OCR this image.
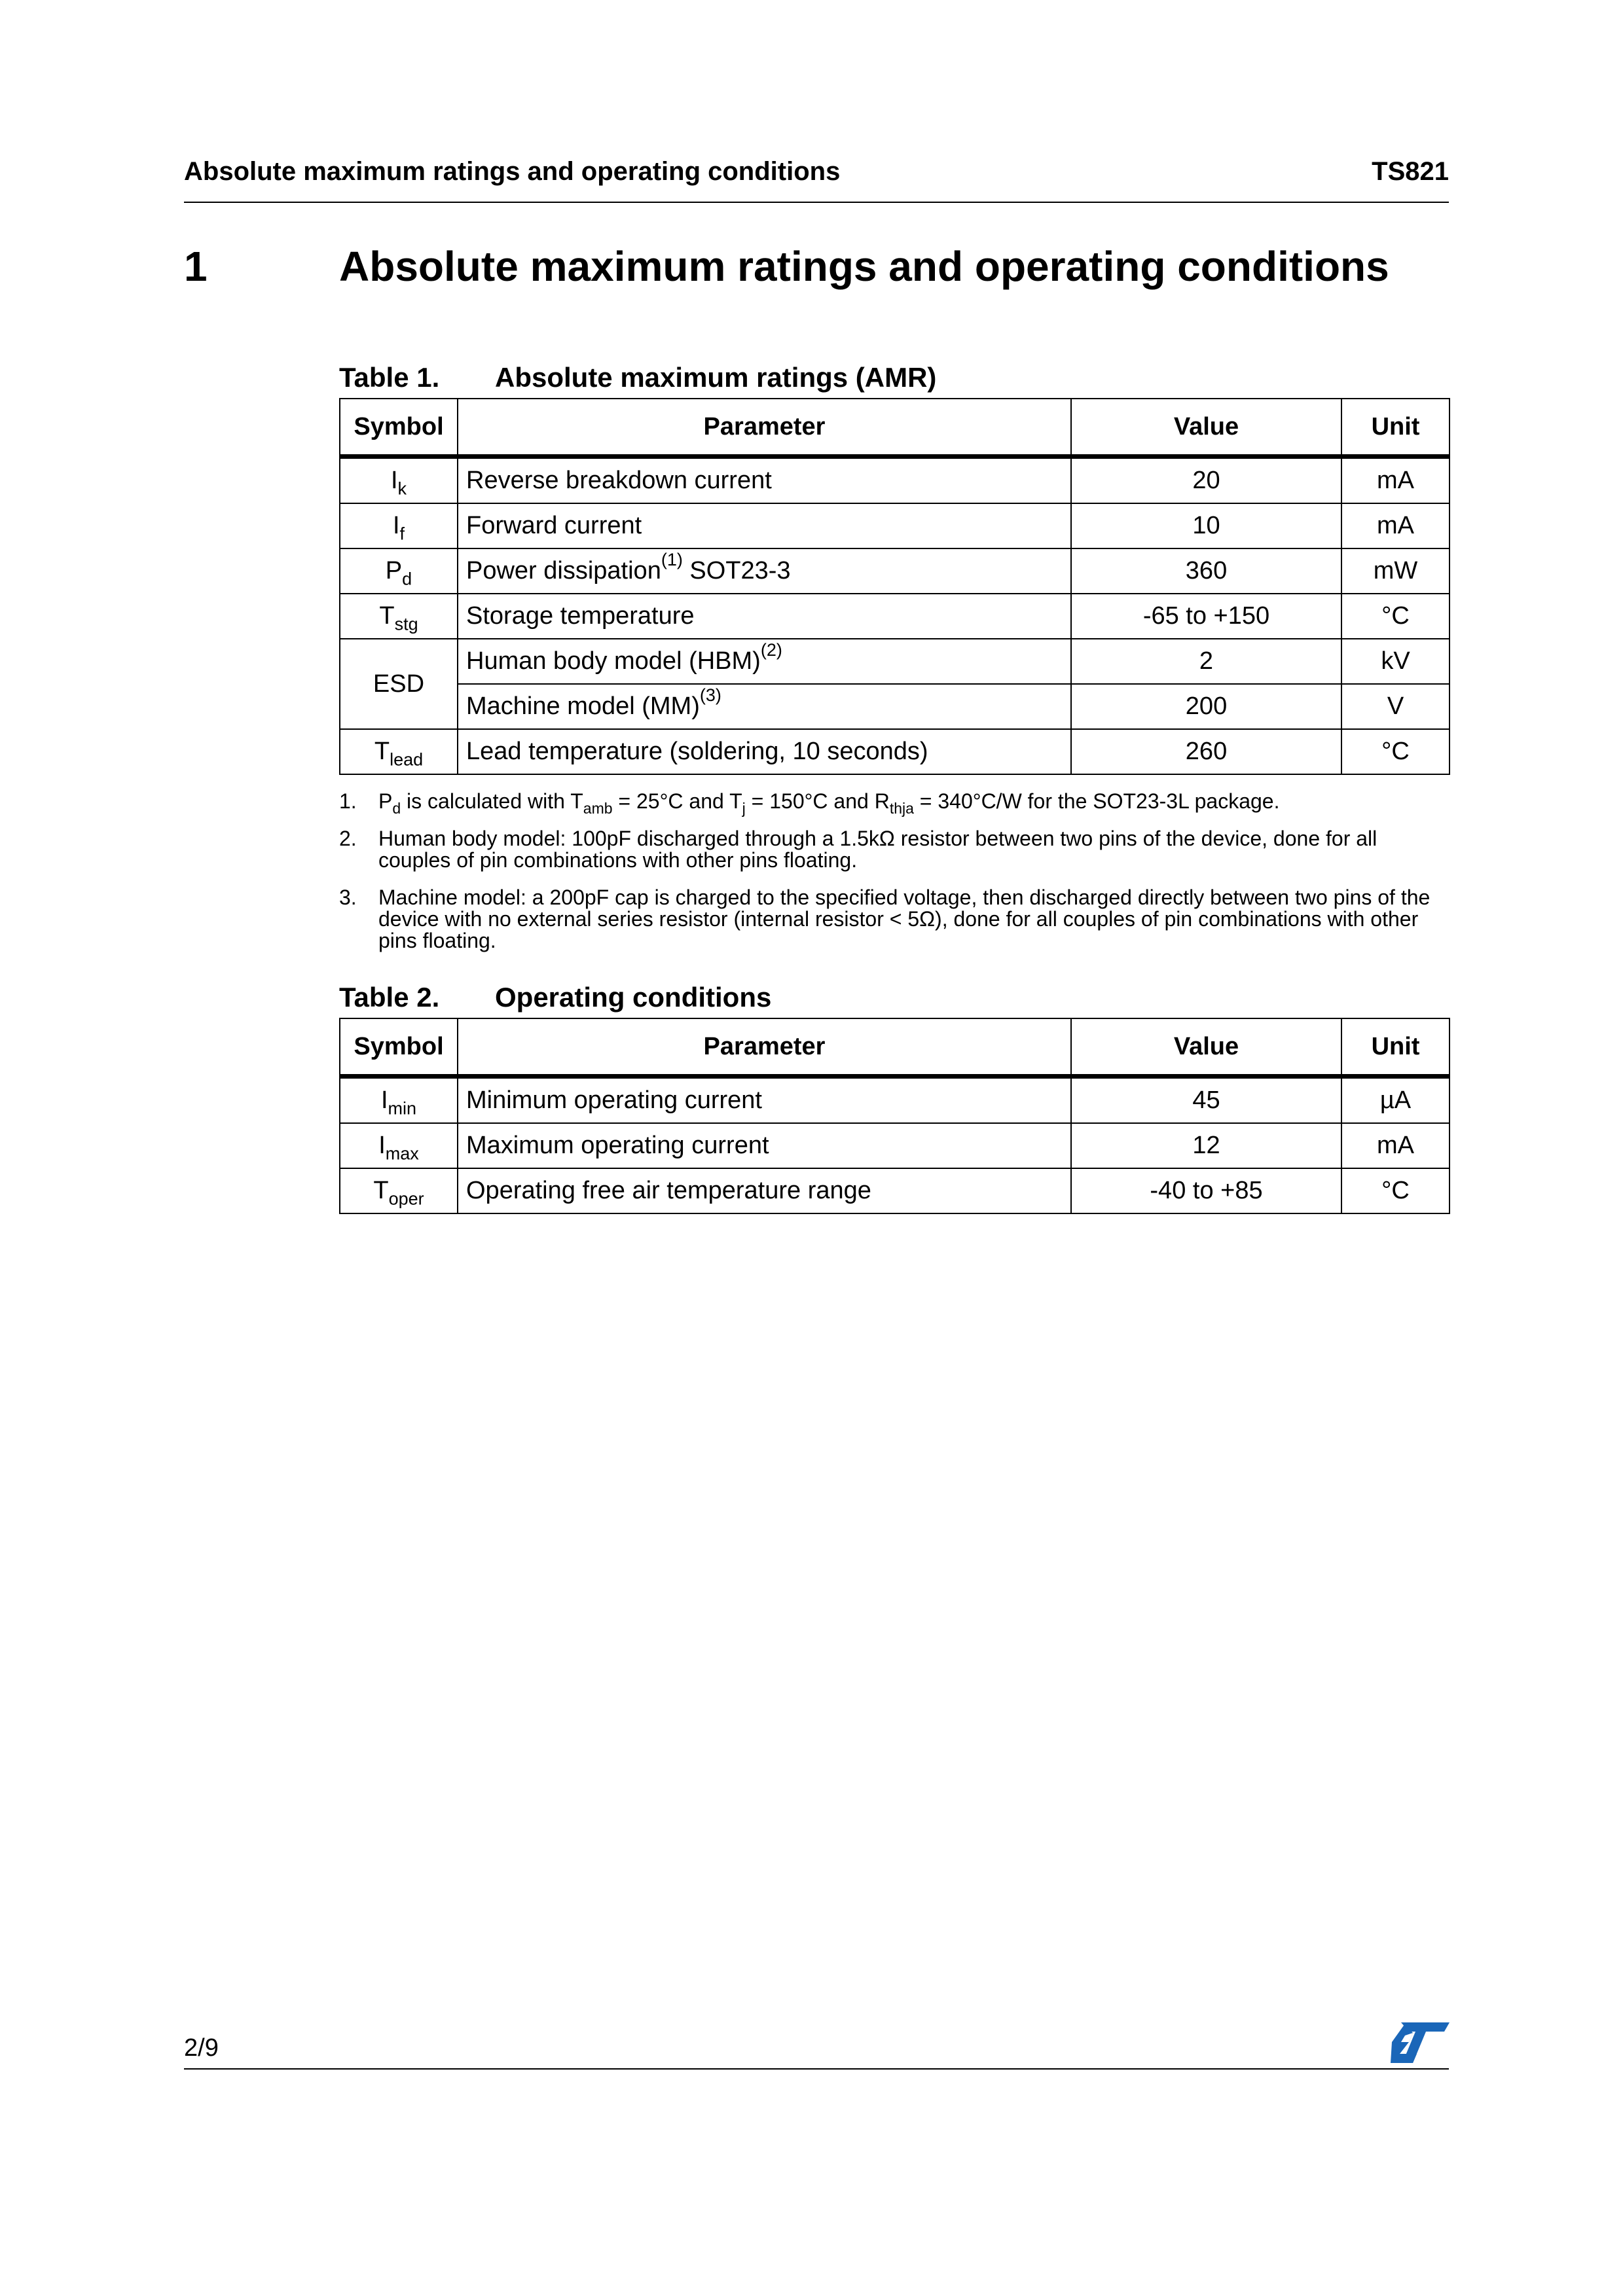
Absolute maximum ratings and operating conditions	TS821
1	Absolute maximum ratings and operating conditions
Table 1. Absolute maximum ratings (AMR)
Symbol	Parameter	Value	Unit
$I_k$	Reverse breakdown current	20	mA
$I_f$	Forward current	10	mA
$P_d$	Power dissipation$^{(1)}$ SOT23-3	360	mW
$T_{stg}$	Storage temperature	-65 to +150	°C
ESD	Human body model (HBM)$^{(2)}$	2	kV
	Machine model (MM)$^{(3)}$	200	V
$T_{lead}$	Lead temperature (soldering, 10 seconds)	260	°C
1. $P_d$ is calculated with $T_{amb} = 25^\circ C$ and $T_j = 150^\circ C$ and $R_{thja} = 340^\circ C/W$ for the SOT23-3L package.
2. Human body model: 100pF discharged through a 1.5kΩ resistor between two pins of the device, done for all couples of pin combinations with other pins floating.
3. Machine model: a 200pF cap is charged to the specified voltage, then discharged directly between two pins of the device with no external series resistor (internal resistor < 5Ω), done for all couples of pin combinations with other pins floating.
Table 2. Operating conditions
Symbol	Parameter	Value	Unit
$I_{min}$	Minimum operating current	45	µA
$I_{max}$	Maximum operating current	12	mA
$T_{oper}$	Operating free air temperature range	-40 to +85	°C
2/9
